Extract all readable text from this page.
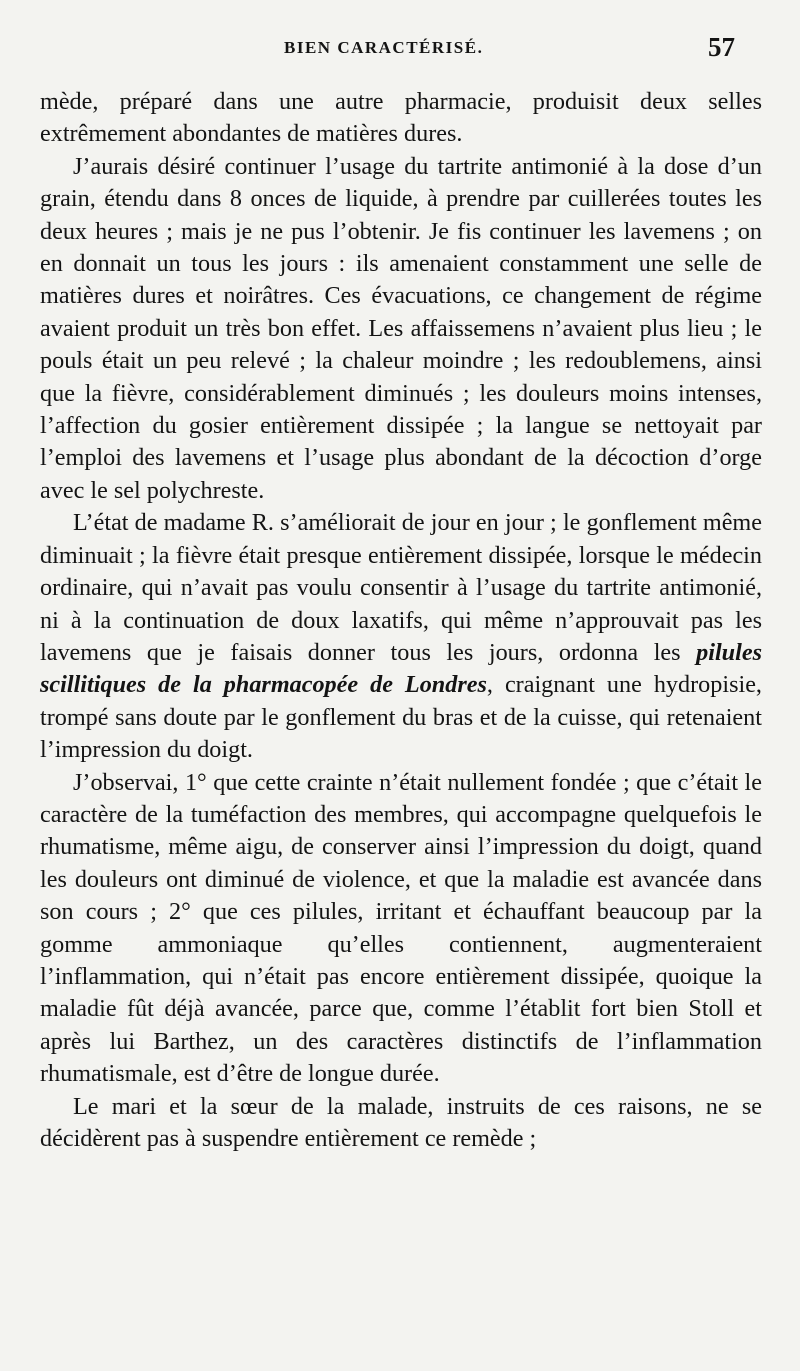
BIEN CARACTÉRISÉ.	57

mède, préparé dans une autre pharmacie, produisit deux selles extrêmement abondantes de matières dures.

J’aurais désiré continuer l’usage du tartrite antimonié à la dose d’un grain, étendu dans 8 onces de liquide, à prendre par cuillerées toutes les deux heures ; mais je ne pus l’obtenir. Je fis continuer les lavemens ; on en donnait un tous les jours : ils amenaient constamment une selle de matières dures et noirâtres. Ces évacuations, ce changement de régime avaient produit un très bon effet. Les affaissemens n’avaient plus lieu ; le pouls était un peu relevé ; la chaleur moindre ; les redoublemens, ainsi que la fièvre, considérablement diminués ; les douleurs moins intenses, l’affection du gosier entièrement dissipée ; la langue se nettoyait par l’emploi des lavemens et l’usage plus abondant de la décoction d’orge avec le sel polychreste.

L’état de madame R. s’améliorait de jour en jour ; le gonflement même diminuait ; la fièvre était presque entièrement dissipée, lorsque le médecin ordinaire, qui n’avait pas voulu consentir à l’usage du tartrite antimonié, ni à la continuation de doux laxatifs, qui même n’approuvait pas les lavemens que je faisais donner tous les jours, ordonna les pilules scillitiques de la pharmacopée de Londres, craignant une hydropisie, trompé sans doute par le gonflement du bras et de la cuisse, qui retenaient l’impression du doigt.

J’observai, 1° que cette crainte n’était nullement fondée ; que c’était le caractère de la tuméfaction des membres, qui accompagne quelquefois le rhumatisme, même aigu, de conserver ainsi l’impression du doigt, quand les douleurs ont diminué de violence, et que la maladie est avancée dans son cours ; 2° que ces pilules, irritant et échauffant beaucoup par la gomme ammoniaque qu’elles contiennent, augmenteraient l’inflammation, qui n’était pas encore entièrement dissipée, quoique la maladie fût déjà avancée, parce que, comme l’établit fort bien Stoll et après lui Barthez, un des caractères distinctifs de l’inflammation rhumatismale, est d’être de longue durée.

Le mari et la sœur de la malade, instruits de ces raisons, ne se décidèrent pas à suspendre entièrement ce remède ;
